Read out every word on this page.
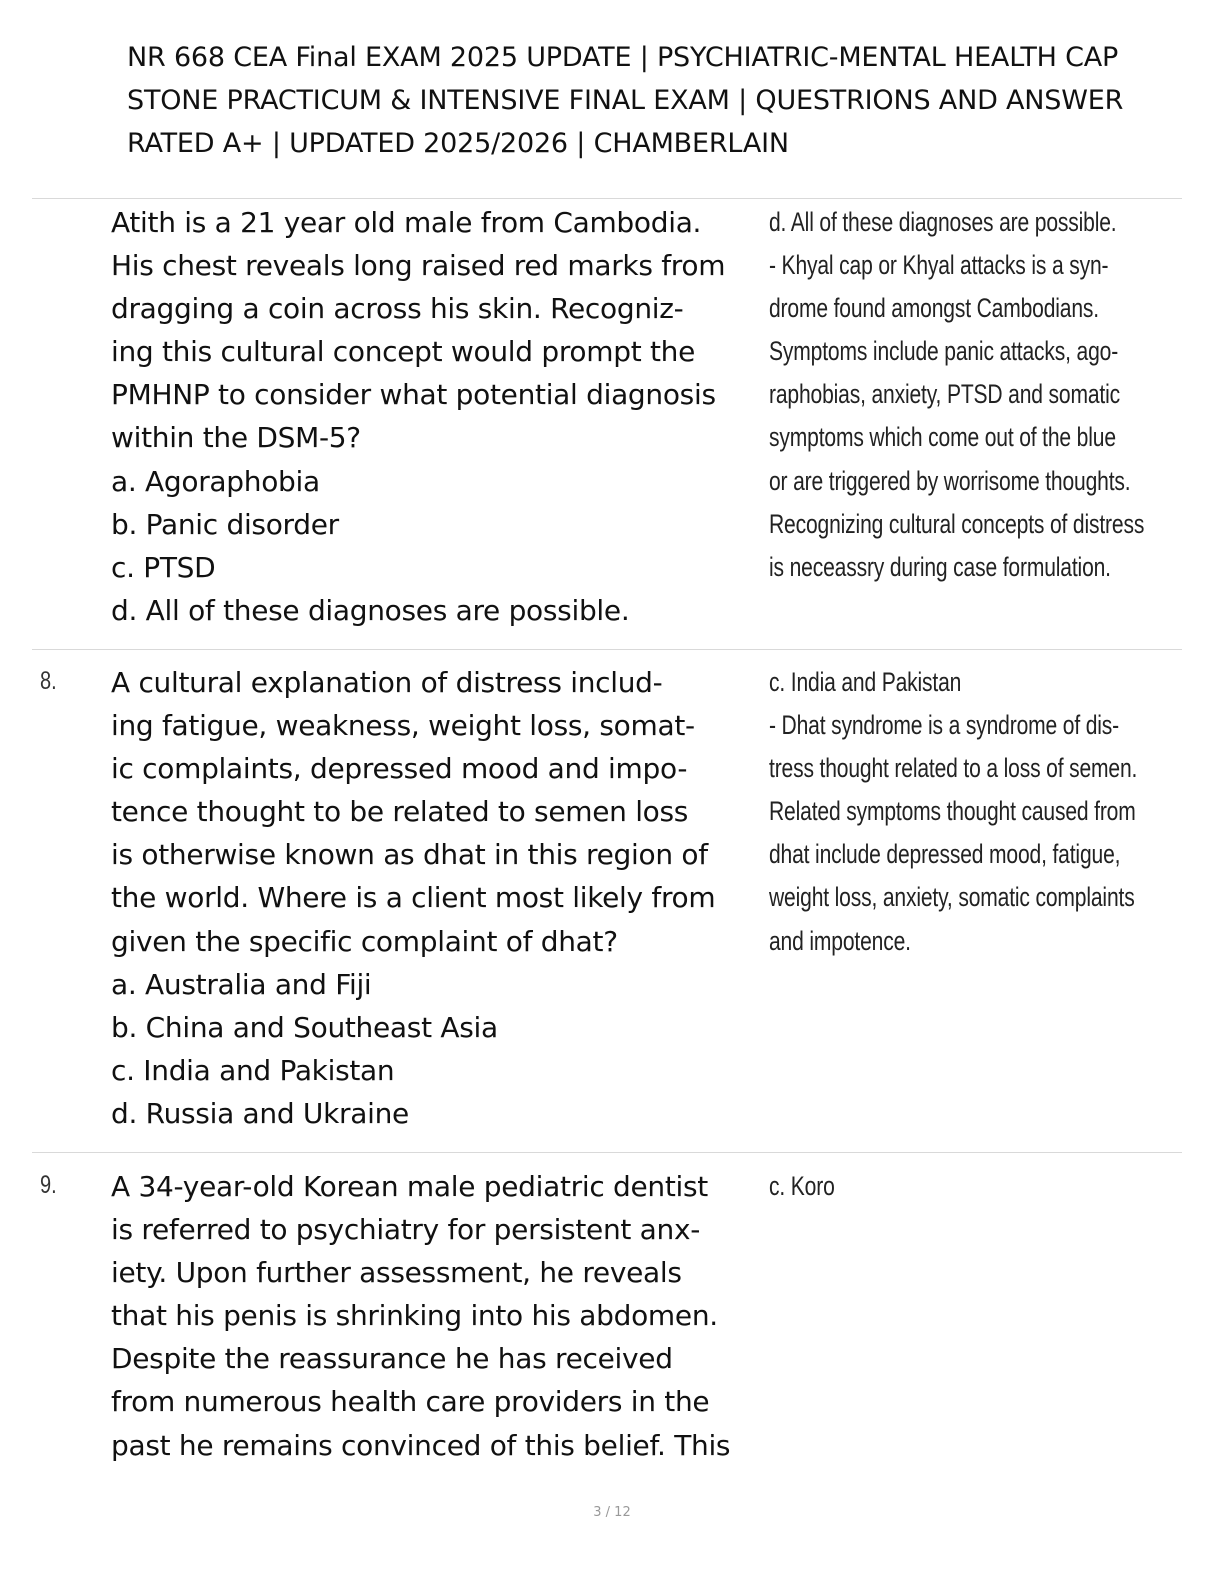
NR 668 CEA Final EXAM 2025 UPDATE | PSYCHIATRIC-MENTAL HEALTH CAP
STONE PRACTICUM & INTENSIVE FINAL EXAM | QUESTRIONS AND ANSWER
RATED A+ | UPDATED 2025/2026 | CHAMBERLAIN
Atith is a 21 year old male from Cambodia.
His chest reveals long raised red marks from
dragging a coin across his skin. Recogniz-
ing this cultural concept would prompt the
PMHNP to consider what potential diagnosis
within the DSM-5?
a. Agoraphobia
b. Panic disorder
c. PTSD
d. All of these diagnoses are possible.
d. All of these diagnoses are possible.
- Khyal cap or Khyal attacks is a syn-
drome found amongst Cambodians.
Symptoms include panic attacks, ago-
raphobias, anxiety, PTSD and somatic
symptoms which come out of the blue
or are triggered by worrisome thoughts.
Recognizing cultural concepts of distress
is neceassry during case formulation.
8. A cultural explanation of distress includ-
ing fatigue, weakness, weight loss, somat-
ic complaints, depressed mood and impo-
tence thought to be related to semen loss
is otherwise known as dhat in this region of
the world. Where is a client most likely from
given the specific complaint of dhat?
a. Australia and Fiji
b. China and Southeast Asia
c. India and Pakistan
d. Russia and Ukraine
c. India and Pakistan
- Dhat syndrome is a syndrome of dis-
tress thought related to a loss of semen.
Related symptoms thought caused from
dhat include depressed mood, fatigue,
weight loss, anxiety, somatic complaints
and impotence.
9. A 34-year-old Korean male pediatric dentist
is referred to psychiatry for persistent anx-
iety. Upon further assessment, he reveals
that his penis is shrinking into his abdomen.
Despite the reassurance he has received
from numerous health care providers in the
past he remains convinced of this belief. This
c. Koro
3 / 12
